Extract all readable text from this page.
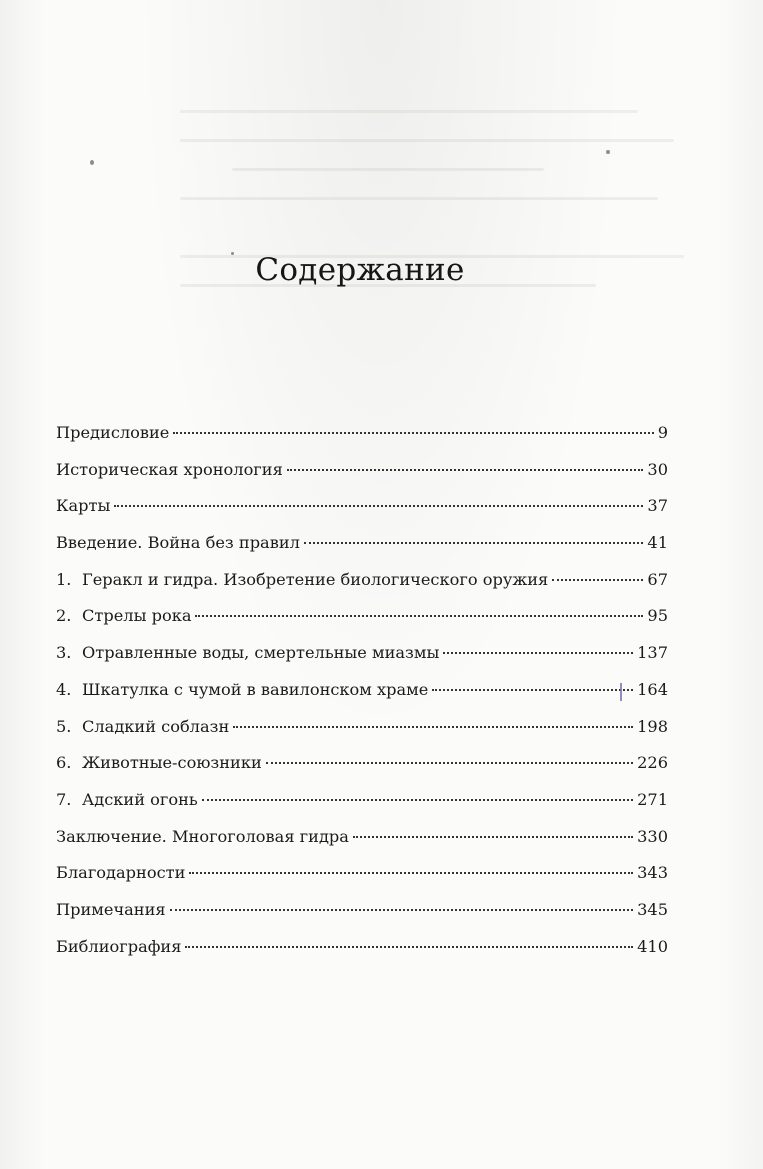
Содержание
Предисловие	9
Историческая хронология	30
Карты	37
Введение. Война без правил	41
1. Геракл и гидра. Изобретение биологического оружия	67
2. Стрелы рока	95
3. Отравленные воды, смертельные миазмы	137
4. Шкатулка с чумой в вавилонском храме	164
5. Сладкий соблазн	198
6. Животные-союзники	226
7. Адский огонь	271
Заключение. Многоголовая гидра	330
Благодарности	343
Примечания	345
Библиография	410
